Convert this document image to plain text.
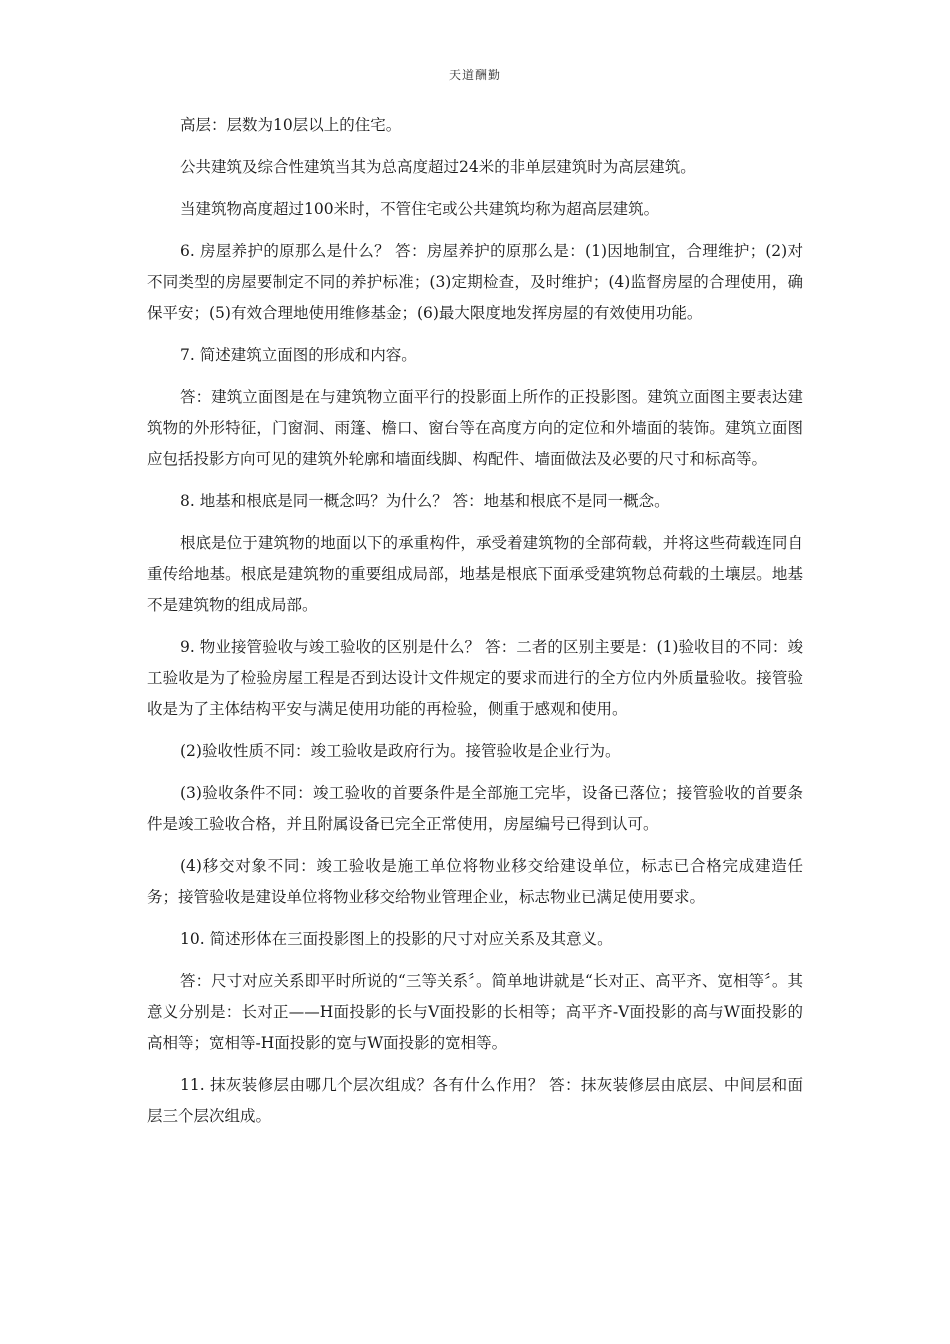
天道酬勤

高层：层数为10层以上的住宅。

公共建筑及综合性建筑当其为总高度超过24米的非单层建筑时为高层建筑。

当建筑物高度超过100米时，不管住宅或公共建筑均称为超高层建筑。

6. 房屋养护的原那么是什么？ 答：房屋养护的原那么是：(1)因地制宜，合理维护；(2)对不同类型的房屋要制定不同的养护标准；(3)定期检查，及时维护；(4)监督房屋的合理使用，确保平安；(5)有效合理地使用维修基金；(6)最大限度地发挥房屋的有效使用功能。

7. 简述建筑立面图的形成和内容。

答：建筑立面图是在与建筑物立面平行的投影面上所作的正投影图。建筑立面图主要表达建筑物的外形特征，门窗洞、雨篷、檐口、窗台等在高度方向的定位和外墙面的装饰。建筑立面图应包括投影方向可见的建筑外轮廓和墙面线脚、构配件、墙面做法及必要的尺寸和标高等。

8. 地基和根底是同一概念吗？为什么？ 答：地基和根底不是同一概念。

根底是位于建筑物的地面以下的承重构件，承受着建筑物的全部荷载，并将这些荷载连同自重传给地基。根底是建筑物的重要组成局部，地基是根底下面承受建筑物总荷载的土壤层。地基不是建筑物的组成局部。

9. 物业接管验收与竣工验收的区别是什么？ 答：二者的区别主要是：(1)验收目的不同：竣工验收是为了检验房屋工程是否到达设计文件规定的要求而进行的全方位内外质量验收。接管验收是为了主体结构平安与满足使用功能的再检验，侧重于感观和使用。

(2)验收性质不同：竣工验收是政府行为。接管验收是企业行为。

(3)验收条件不同：竣工验收的首要条件是全部施工完毕，设备已落位；接管验收的首要条件是竣工验收合格，并且附属设备已完全正常使用，房屋编号已得到认可。

(4)移交对象不同：竣工验收是施工单位将物业移交给建设单位，标志已合格完成建造任务；接管验收是建设单位将物业移交给物业管理企业，标志物业已满足使用要求。

10. 简述形体在三面投影图上的投影的尺寸对应关系及其意义。

答：尺寸对应关系即平时所说的“三等关系〞。简单地讲就是“长对正、高平齐、宽相等〞。其意义分别是：长对正——H面投影的长与V面投影的长相等；高平齐-V面投影的高与W面投影的高相等；宽相等-H面投影的宽与W面投影的宽相等。

11. 抹灰装修层由哪几个层次组成？各有什么作用？ 答：抹灰装修层由底层、中间层和面层三个层次组成。
